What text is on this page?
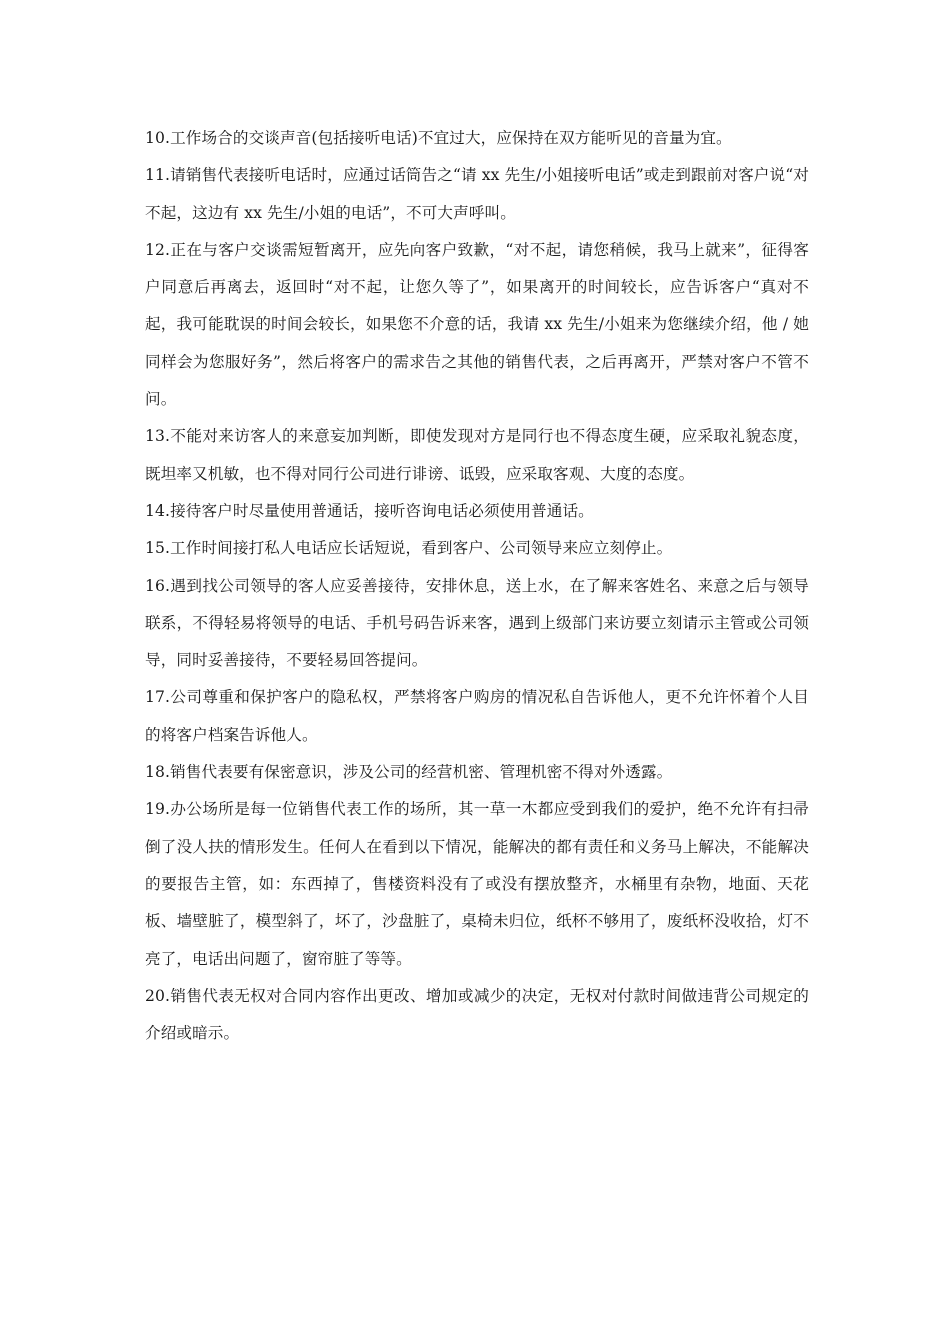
10.工作场合的交谈声音(包括接听电话)不宜过大，应保持在双方能听见的音量为宜。

11.请销售代表接听电话时，应通过话筒告之“请 xx 先生/小姐接听电话”或走到跟前对客户说“对不起，这边有 xx 先生/小姐的电话”，不可大声呼叫。

12.正在与客户交谈需短暂离开，应先向客户致歉，“对不起，请您稍候，我马上就来”，征得客户同意后再离去，返回时“对不起，让您久等了”，如果离开的时间较长，应告诉客户“真对不起，我可能耽误的时间会较长，如果您不介意的话，我请 xx 先生/小姐来为您继续介绍，他 / 她同样会为您服好务”，然后将客户的需求告之其他的销售代表，之后再离开，严禁对客户不管不问。

13.不能对来访客人的来意妄加判断，即使发现对方是同行也不得态度生硬，应采取礼貌态度，既坦率又机敏，也不得对同行公司进行诽谤、诋毁，应采取客观、大度的态度。

14.接待客户时尽量使用普通话，接听咨询电话必须使用普通话。

15.工作时间接打私人电话应长话短说，看到客户、公司领导来应立刻停止。

16.遇到找公司领导的客人应妥善接待，安排休息，送上水，在了解来客姓名、来意之后与领导联系，不得轻易将领导的电话、手机号码告诉来客，遇到上级部门来访要立刻请示主管或公司领导，同时妥善接待，不要轻易回答提问。

17.公司尊重和保护客户的隐私权，严禁将客户购房的情况私自告诉他人，更不允许怀着个人目的将客户档案告诉他人。

18.销售代表要有保密意识，涉及公司的经营机密、管理机密不得对外透露。

19.办公场所是每一位销售代表工作的场所，其一草一木都应受到我们的爱护，绝不允许有扫帚倒了没人扶的情形发生。任何人在看到以下情况，能解决的都有责任和义务马上解决，不能解决的要报告主管，如：东西掉了，售楼资料没有了或没有摆放整齐，水桶里有杂物，地面、天花板、墙壁脏了，模型斜了，坏了，沙盘脏了，桌椅未归位，纸杯不够用了，废纸杯没收拾，灯不亮了，电话出问题了，窗帘脏了等等。

20.销售代表无权对合同内容作出更改、增加或减少的决定，无权对付款时间做违背公司规定的介绍或暗示。
